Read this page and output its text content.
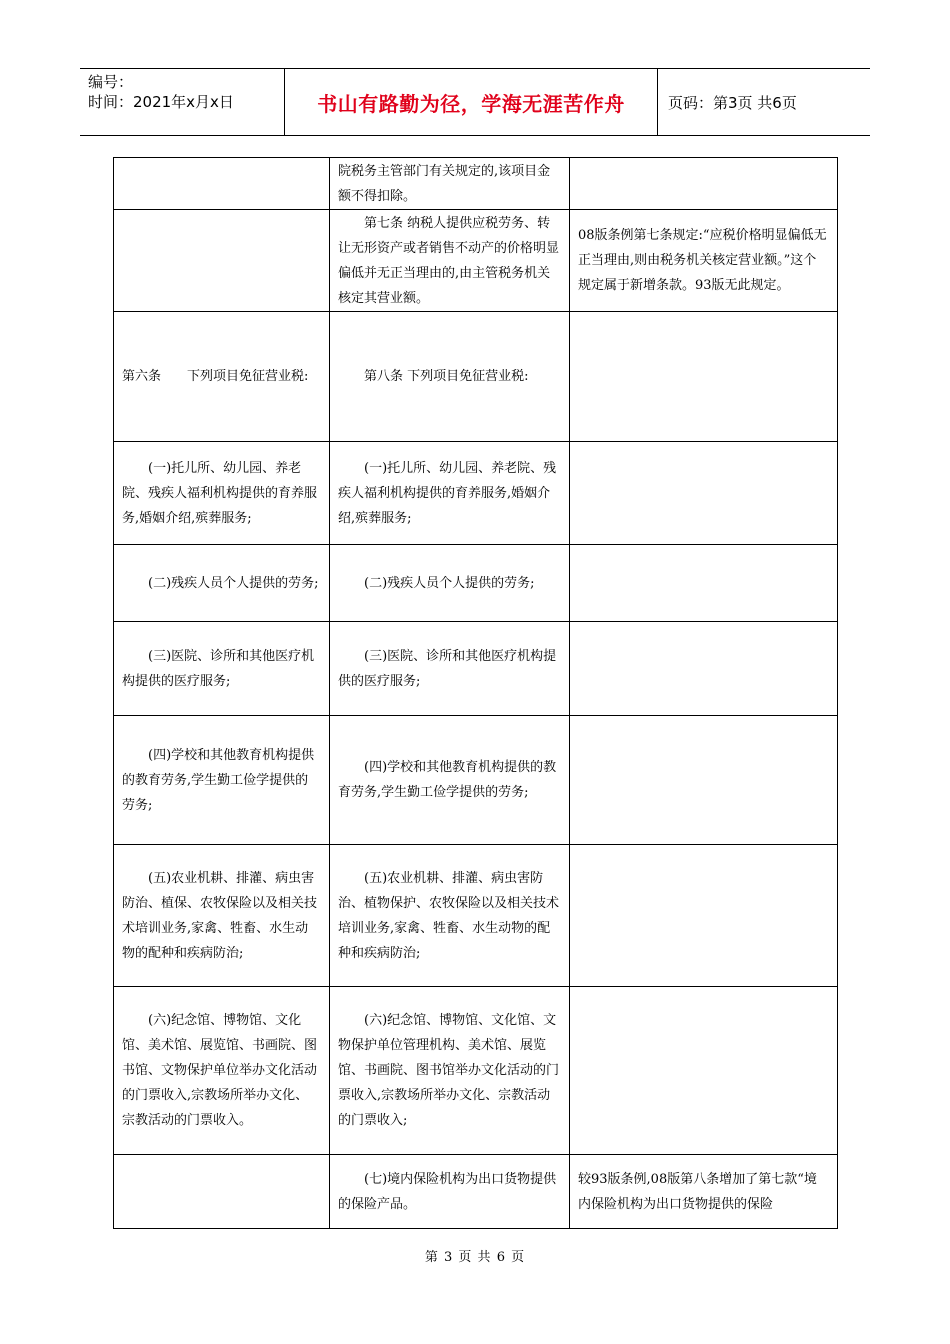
编号：
时间：2021年x月x日	书山有路勤为径，学海无涯苦作舟	页码：第3页 共6页
	院税务主管部门有关规定的,该项目金额不得扣除。	
	第七条 纳税人提供应税劳务、转让无形资产或者销售不动产的价格明显偏低并无正当理由的,由主管税务机关核定其营业额。	08版条例第七条规定:“应税价格明显偏低无正当理由,则由税务机关核定营业额。”这个规定属于新增条款。93版无此规定。
第六条　　下列项目免征营业税:	第八条 下列项目免征营业税:	
(一)托儿所、幼儿园、养老院、残疾人福利机构提供的育养服务,婚姻介绍,殡葬服务;	(一)托儿所、幼儿园、养老院、残疾人福利机构提供的育养服务,婚姻介绍,殡葬服务;	
(二)残疾人员个人提供的劳务;	(二)残疾人员个人提供的劳务;	
(三)医院、诊所和其他医疗机构提供的医疗服务;	(三)医院、诊所和其他医疗机构提供的医疗服务;	
(四)学校和其他教育机构提供的教育劳务,学生勤工俭学提供的劳务;	(四)学校和其他教育机构提供的教育劳务,学生勤工俭学提供的劳务;	
(五)农业机耕、排灌、病虫害防治、植保、农牧保险以及相关技术培训业务,家禽、牲畜、水生动物的配种和疾病防治;	(五)农业机耕、排灌、病虫害防治、植物保护、农牧保险以及相关技术培训业务,家禽、牲畜、水生动物的配种和疾病防治;	
(六)纪念馆、博物馆、文化馆、美术馆、展览馆、书画院、图书馆、文物保护单位举办文化活动的门票收入,宗教场所举办文化、宗教活动的门票收入。	(六)纪念馆、博物馆、文化馆、文物保护单位管理机构、美术馆、展览馆、书画院、图书馆举办文化活动的门票收入,宗教场所举办文化、宗教活动的门票收入;	
	(七)境内保险机构为出口货物提供的保险产品。	较93版条例,08版第八条增加了第七款“境内保险机构为出口货物提供的保险
第 3 页 共 6 页
